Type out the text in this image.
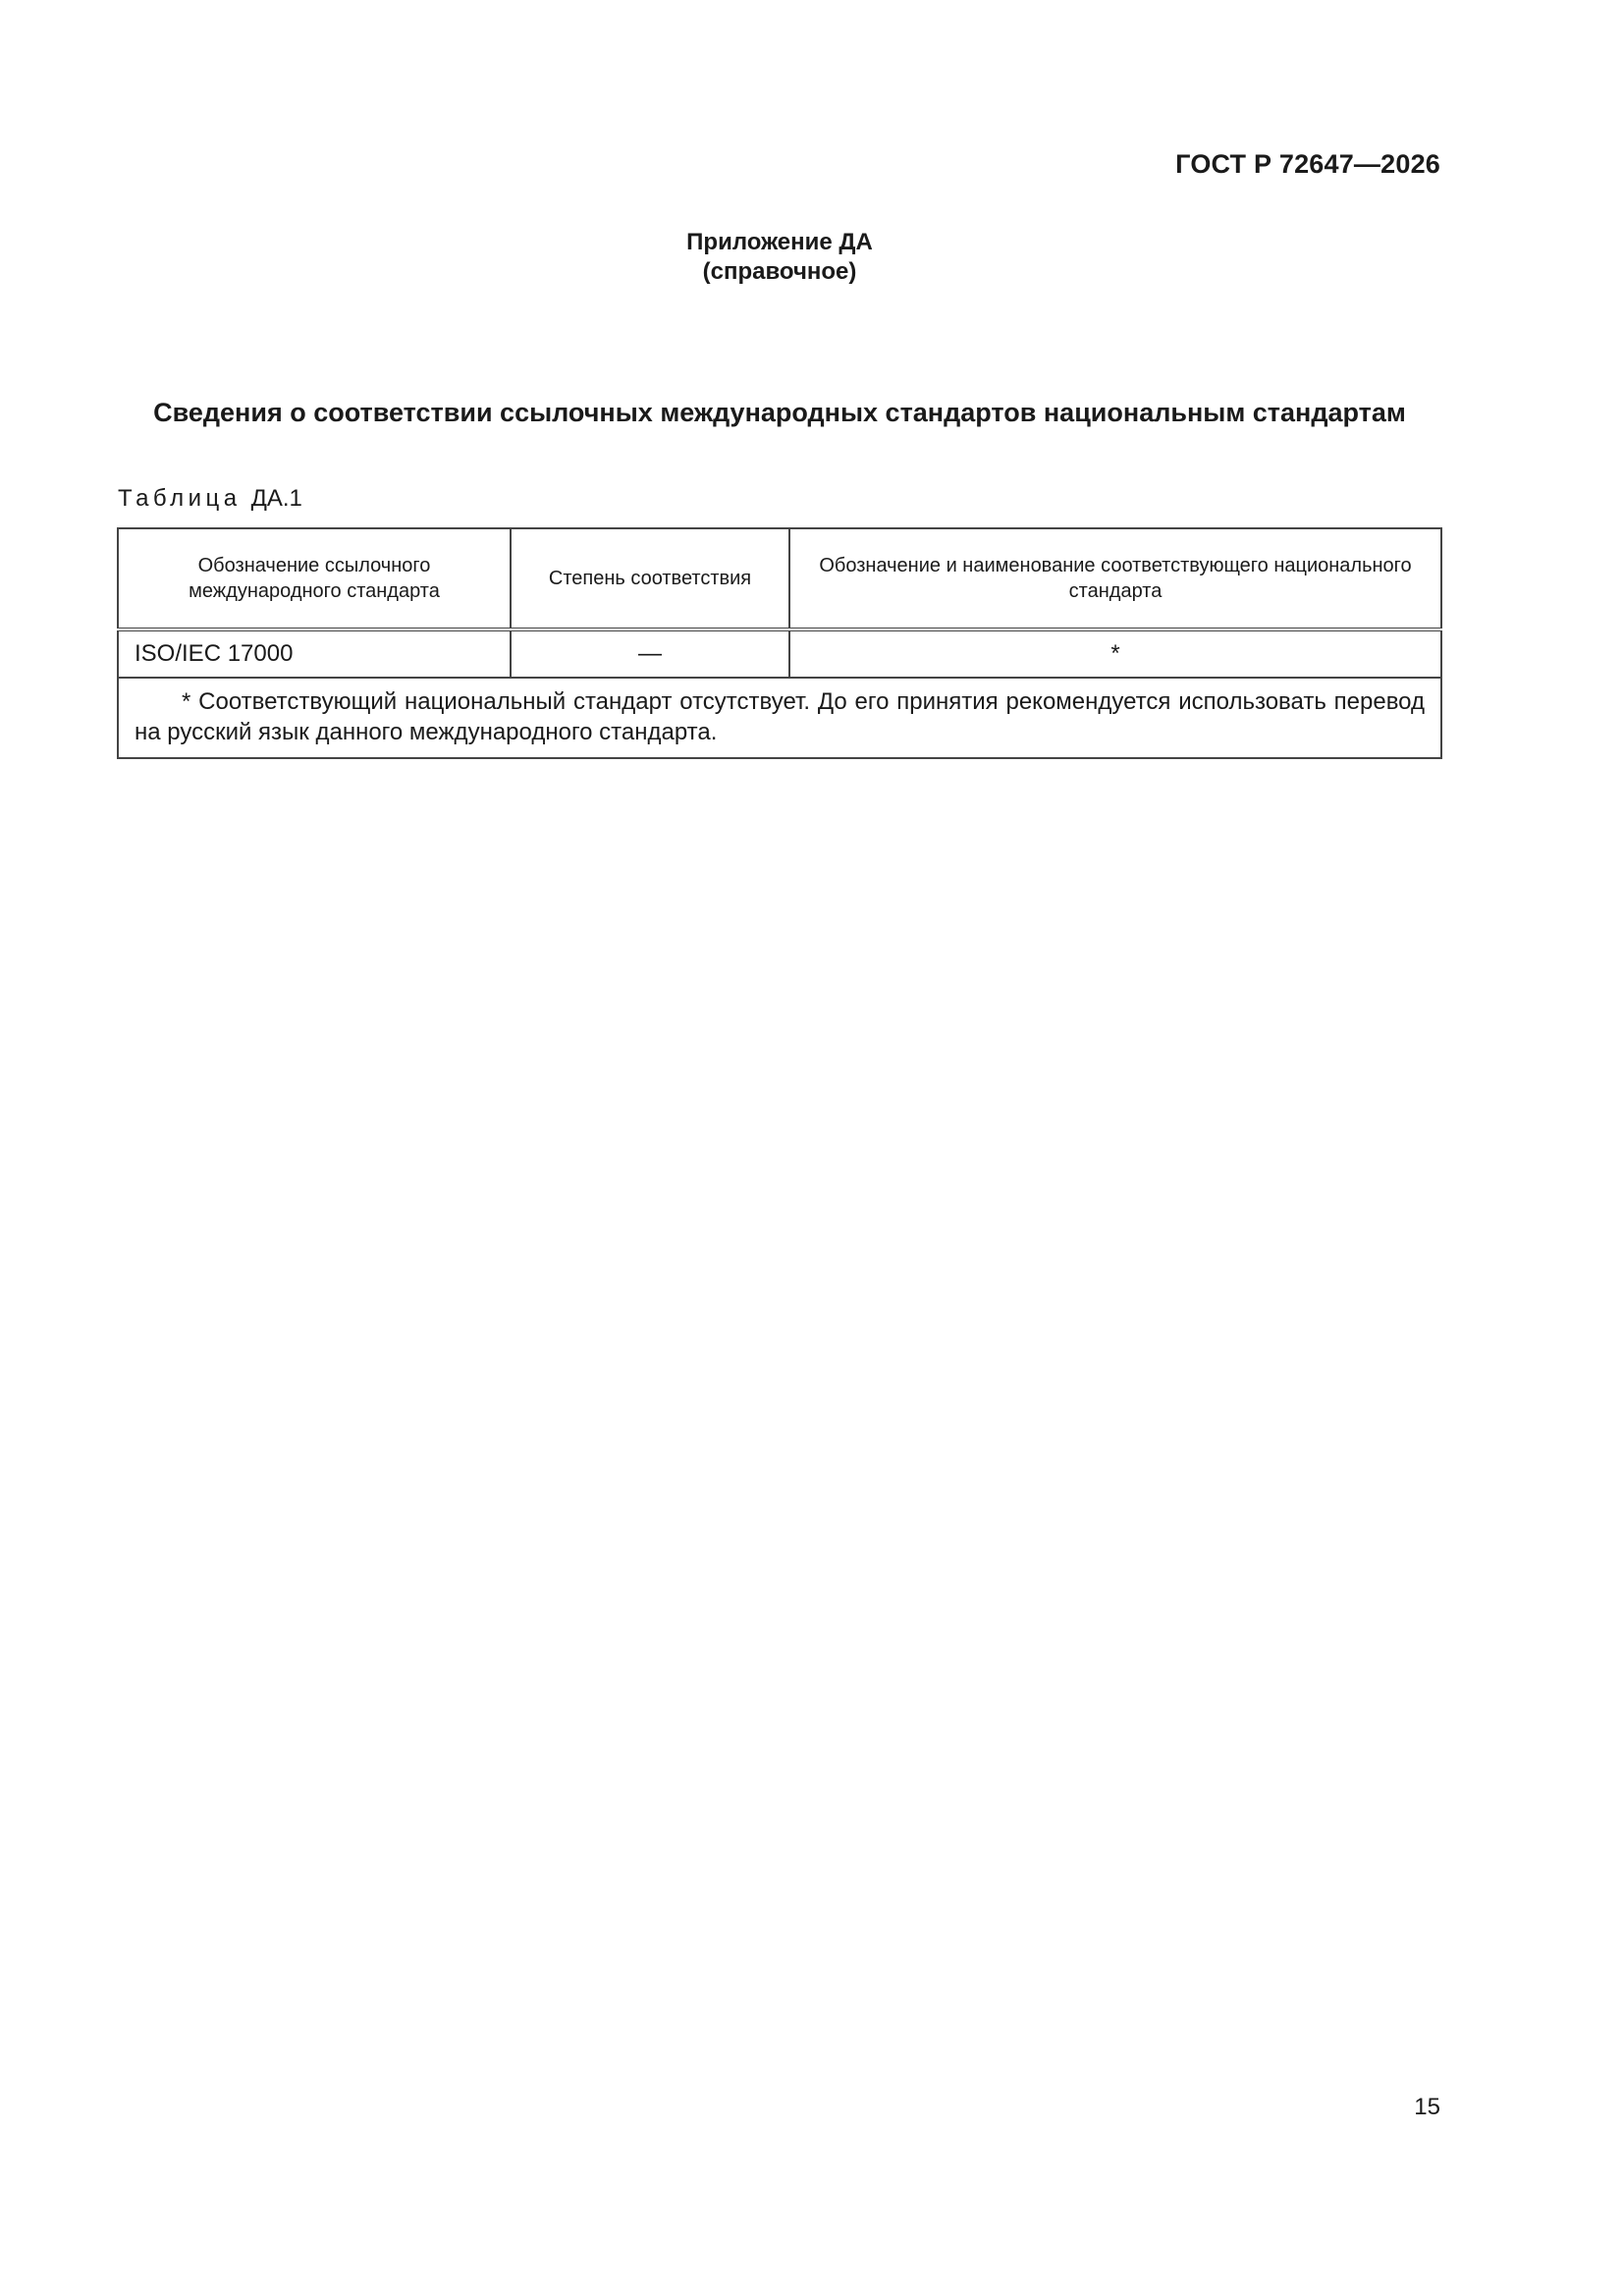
ГОСТ Р 72647—2026
Приложение ДА
(справочное)
Сведения о соответствии ссылочных международных стандартов национальным стандартам
Таблица ДА.1
Обозначение ссылочного международного стандарта	Степень соответствия	Обозначение и наименование соответствующего национального стандарта
ISO/IEC 17000	—	*

* Соответствующий национальный стандарт отсутствует. До его принятия рекомендуется использовать перевод на русский язык данного международного стандарта.		
15
